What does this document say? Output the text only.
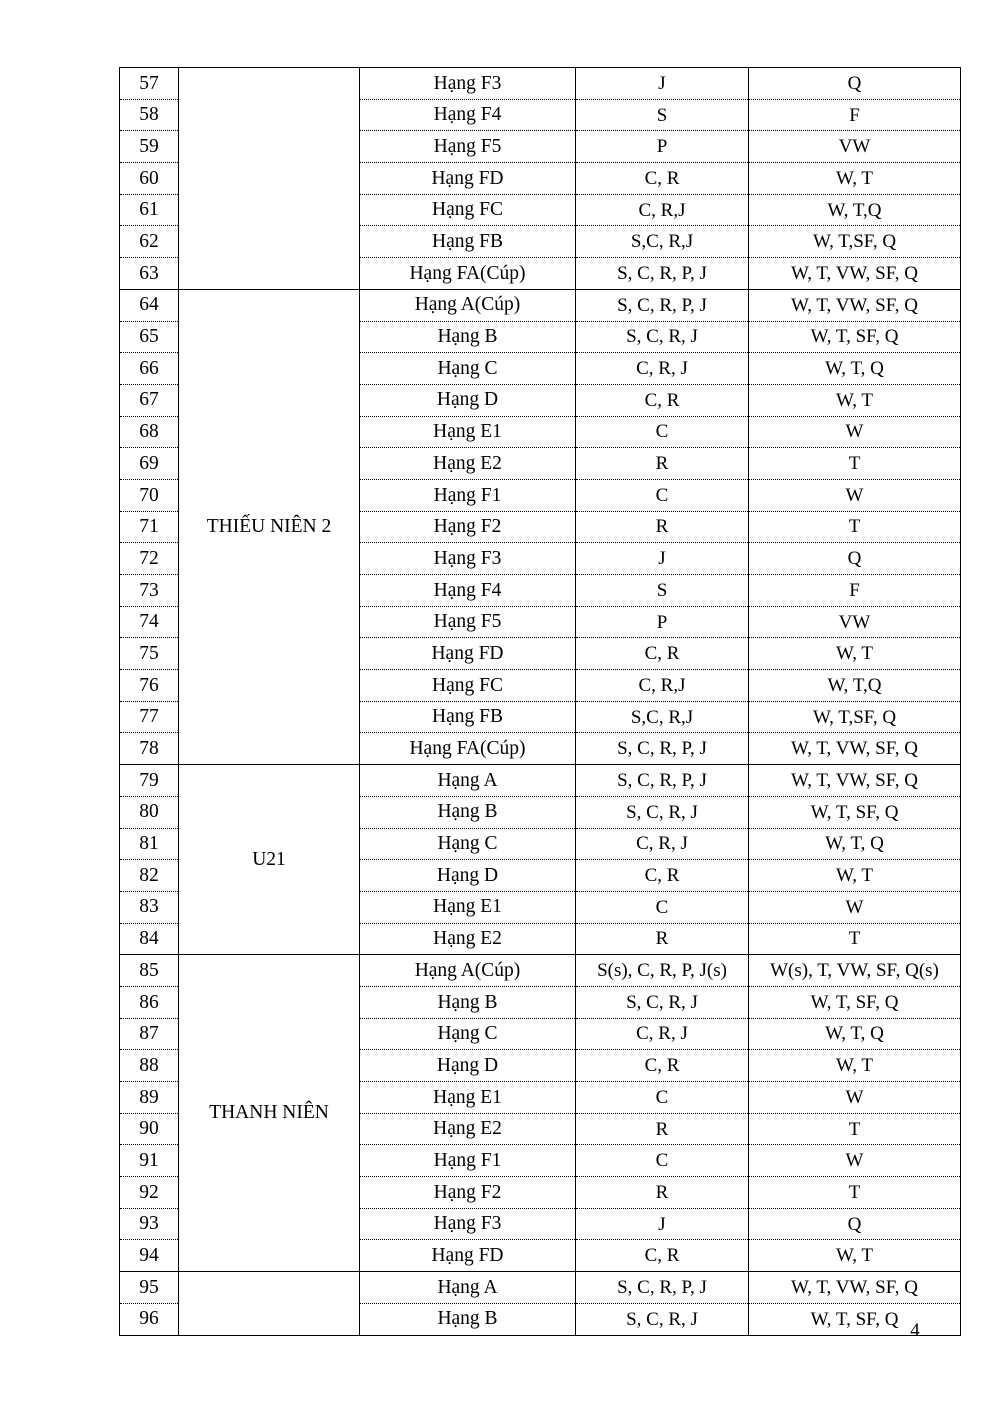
57		Hạng F3	J	Q
58		Hạng F4	S	F
59		Hạng F5	P	VW
60		Hạng FD	C, R	W, T
61		Hạng FC	C, R,J	W, T,Q
62		Hạng FB	S,C, R,J	W, T,SF, Q
63		Hạng FA(Cúp)	S, C, R, P, J	W, T, VW, SF, Q
64	THIẾU NIÊN 2	Hạng A(Cúp)	S, C, R, P, J	W, T, VW, SF, Q
65		Hạng B	S, C, R, J	W, T, SF, Q
66		Hạng C	C, R, J	W, T, Q
67		Hạng D	C, R	W, T
68		Hạng E1	C	W
69		Hạng E2	R	T
70		Hạng F1	C	W
71		Hạng F2	R	T
72		Hạng F3	J	Q
73		Hạng F4	S	F
74		Hạng F5	P	VW
75		Hạng FD	C, R	W, T
76		Hạng FC	C, R,J	W, T,Q
77		Hạng FB	S,C, R,J	W, T,SF, Q
78		Hạng FA(Cúp)	S, C, R, P, J	W, T, VW, SF, Q
79	U21	Hạng A	S, C, R, P, J	W, T, VW, SF, Q
80		Hạng B	S, C, R, J	W, T, SF, Q
81		Hạng C	C, R, J	W, T, Q
82		Hạng D	C, R	W, T
83		Hạng E1	C	W
84		Hạng E2	R	T
85	THANH NIÊN	Hạng A(Cúp)	S(s), C, R, P, J(s)	W(s), T, VW, SF, Q(s)
86		Hạng B	S, C, R, J	W, T, SF, Q
87		Hạng C	C, R, J	W, T, Q
88		Hạng D	C, R	W, T
89		Hạng E1	C	W
90		Hạng E2	R	T
91		Hạng F1	C	W
92		Hạng F2	R	T
93		Hạng F3	J	Q
94		Hạng FD	C, R	W, T
95		Hạng A	S, C, R, P, J	W, T, VW, SF, Q
96		Hạng B	S, C, R, J	W, T, SF, Q
4
